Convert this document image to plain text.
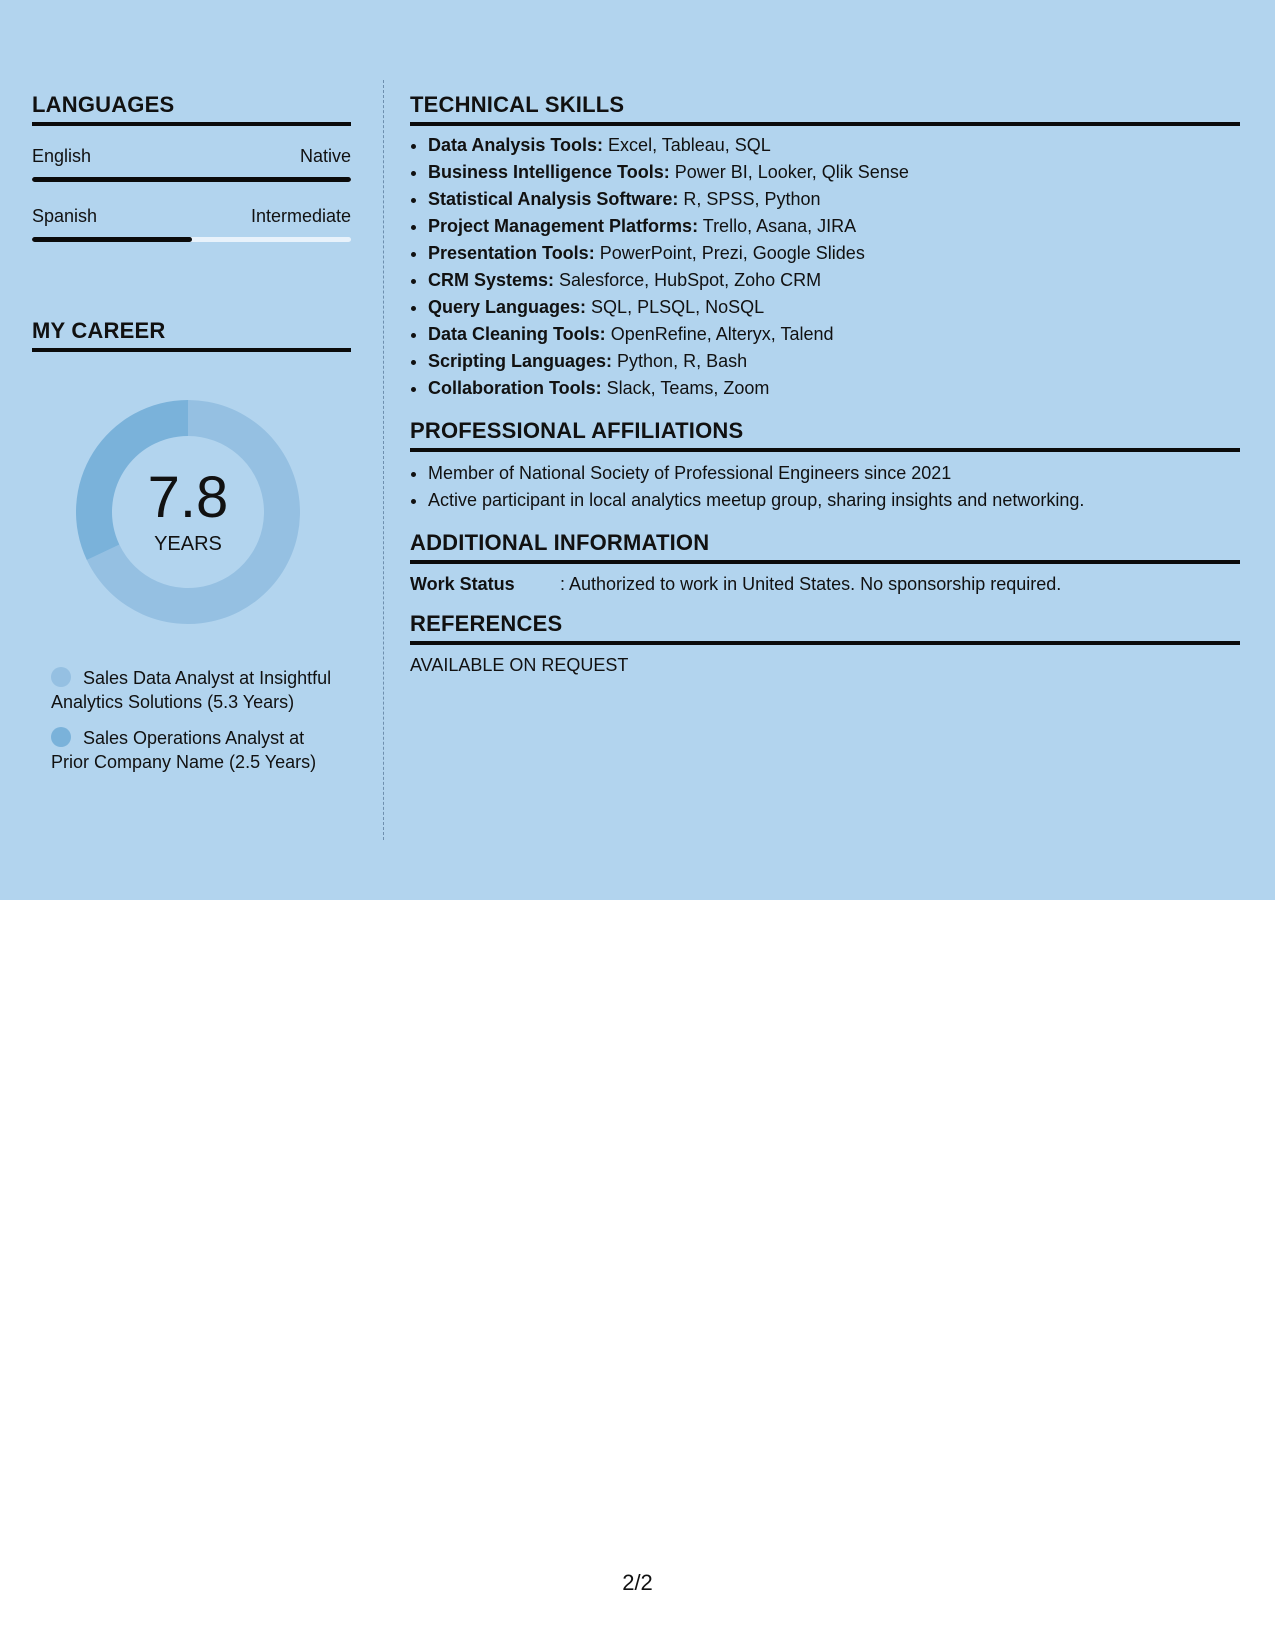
LANGUAGES
English	Native
Spanish	Intermediate
MY CAREER
7.8
YEARS
Sales Data Analyst at Insightful Analytics Solutions (5.3 Years)
Sales Operations Analyst at Prior Company Name (2.5 Years)
TECHNICAL SKILLS
• Data Analysis Tools: Excel, Tableau, SQL
• Business Intelligence Tools: Power BI, Looker, Qlik Sense
• Statistical Analysis Software: R, SPSS, Python
• Project Management Platforms: Trello, Asana, JIRA
• Presentation Tools: PowerPoint, Prezi, Google Slides
• CRM Systems: Salesforce, HubSpot, Zoho CRM
• Query Languages: SQL, PLSQL, NoSQL
• Data Cleaning Tools: OpenRefine, Alteryx, Talend
• Scripting Languages: Python, R, Bash
• Collaboration Tools: Slack, Teams, Zoom
PROFESSIONAL AFFILIATIONS
• Member of National Society of Professional Engineers since 2021
• Active participant in local analytics meetup group, sharing insights and networking.
ADDITIONAL INFORMATION
Work Status	: Authorized to work in United States. No sponsorship required.
REFERENCES
AVAILABLE ON REQUEST
2/2
